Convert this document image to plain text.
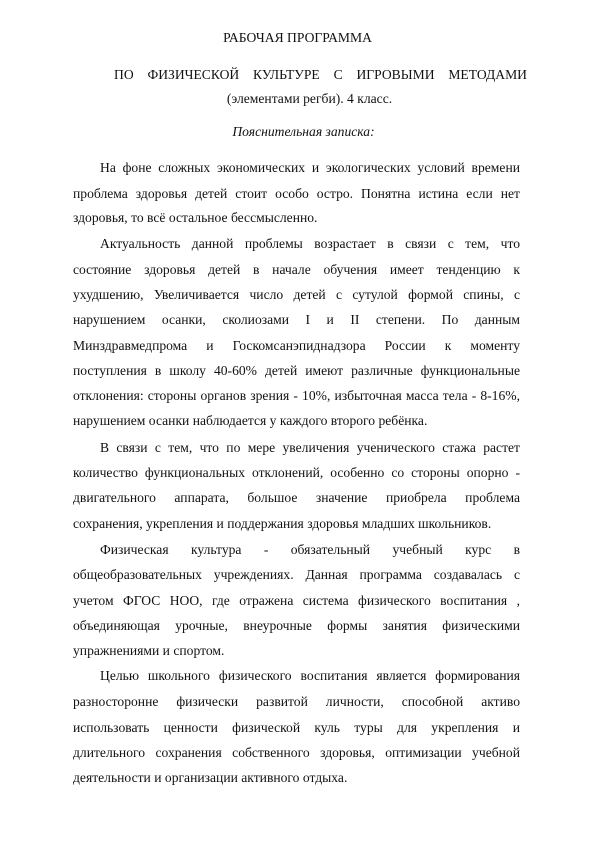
РАБОЧАЯ ПРОГРАММА
ПО ФИЗИЧЕСКОЙ КУЛЬТУРЕ С ИГРОВЫМИ МЕТОДАМИ
(элементами регби). 4 класс.
Пояснительная записка:
На фоне сложных экономических и экологических условий времени
проблема здоровья детей стоит особо остро. Понятна истина если нет
здоровья, то всё остальное бессмысленно.
Актуальность данной проблемы возрастает в связи с тем, что
состояние здоровья детей в начале обучения имеет тенденцию к
ухудшению, Увеличивается число детей с сутулой формой спины, с
нарушением осанки, сколиозами I и II степени. По данным
Минздравмедпрома и Госкомсанэпиднадзора России к моменту
поступления в школу 40-60% детей имеют различные функциональные
отклонения: стороны органов зрения - 10%, избыточная масса тела - 8-16%,
нарушением осанки наблюдается у каждого второго ребёнка.
В связи с тем, что по мере увеличения ученического стажа растет
количество функциональных отклонений, особенно со стороны опорно -
двигательного аппарата, большое значение приобрела проблема
сохранения, укрепления и поддержания здоровья младших школьников.
Физическая культура - обязательный учебный курс в
общеобразовательных учреждениях. Данная программа создавалась с
учетом ФГОС НОО, где отражена система физического воспитания ,
объединяющая урочные, внеурочные формы занятия физическими
упражнениями и спортом.
Целью школьного физического воспитания является формирования
разносторонне физически развитой личности, способной активо
использовать ценности физической куль туры для укрепления и
длительного сохранения собственного здоровья, оптимизации учебной
деятельности и организации активного отдыха.
